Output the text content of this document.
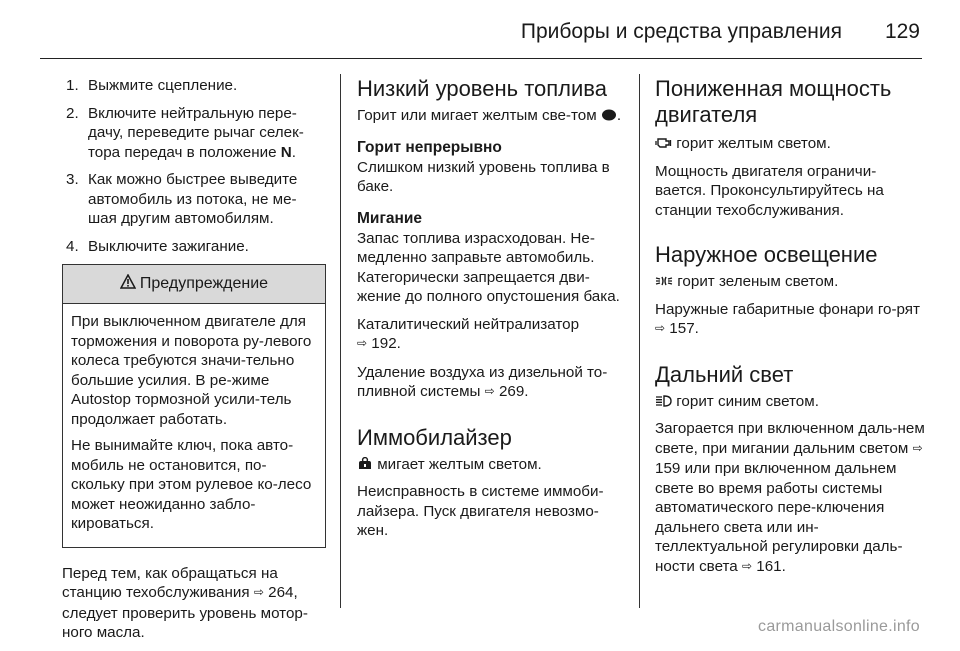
Приборы и средства управления 129
1. Выжмите сцепление.
2. Включите нейтральную пере-дачу, переведите рычаг селек-тора передач в положение N.
3. Как можно быстрее выведите автомобиль из потока, не ме-шая другим автомобилям.
4. Выключите зажигание.
Предупреждение

При выключенном двигателе для торможения и поворота ру-левого колеса требуются значи-тельно большие усилия. В ре-жиме Autostop тормозной усили-тель продолжает работать.

Не вынимайте ключ, пока авто-мобиль не остановится, по-скольку при этом рулевое ко-лесо может неожиданно забло-кироваться.

Перед тем, как обращаться на станцию техобслуживания ⇨ 264, следует проверить уровень мотор-ного масла.

Низкий уровень топлива

Горит или мигает желтым све-том .

Горит непрерывно

Слишком низкий уровень топлива в баке.

Мигание

Запас топлива израсходован. Не-медленно заправьте автомобиль. Категорически запрещается дви-жение до полного опустошения бака.

Каталитический нейтрализатор
⇨ 192.

Удаление воздуха из дизельной то-пливной системы ⇨ 269.

Иммобилайзер

мигает желтым светом.

Неисправность в системе иммоби-лайзера. Пуск двигателя невозмо-жен.

Пониженная мощность двигателя

горит желтым светом.

Мощность двигателя ограничи-вается. Проконсультируйтесь на станции техобслуживания.

Наружное освещение

горит зеленым светом.

Наружные габаритные фонари го-рят ⇨ 157.

Дальний свет

горит синим светом.

Загорается при включенном даль-нем свете, при мигании дальним светом ⇨ 159 или при включенном дальнем свете во время работы системы автоматического пере-ключения дальнего света или ин-теллектуальной регулировки даль-ности света ⇨ 161.

carmanualsonline.info
